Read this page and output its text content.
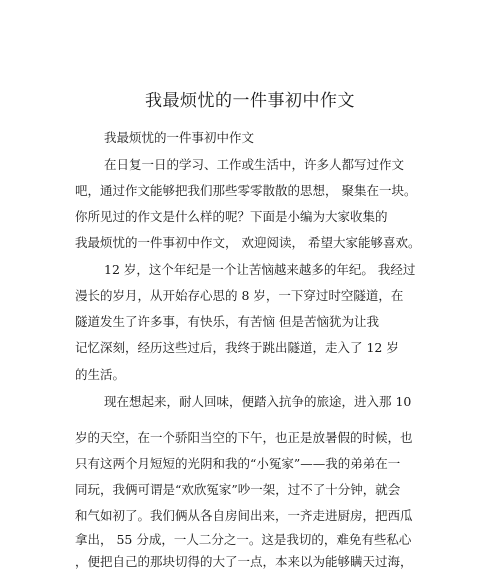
我最烦忧的一件事初中作文

我最烦忧的一件事初中作文

在日复一日的学习、工作或生活中，许多人都写过作文

吧，通过作文能够把我们那些零零散散的思想， 聚集在一块。

你所见过的作文是什么样的呢？下面是小编为大家收集的

我最烦忧的一件事初中作文， 欢迎阅读， 希望大家能够喜欢。

12 岁，这个年纪是一个让苦恼越来越多的年纪。 我经过

漫长的岁月，从开始存心思的 8 岁，一下穿过时空隧道，在

隧道发生了许多事，有快乐，有苦恼 但是苦恼犹为让我

记忆深刻，经历这些过后，我终于跳出隧道，走入了 12 岁

的生活。

现在想起来，耐人回味，便踏入抗争的旅途，进入那 10

岁的天空，在一个骄阳当空的下午，也正是放暑假的时候，也

只有这两个月短短的光阴和我的“小冤家”——我的弟弟在一

同玩，我俩可谓是“欢欣冤家”吵一架，过不了十分钟，就会

和气如初了。我们俩从各自房间出来，一齐走进厨房，把西瓜

拿出， 55 分成，一人二分之一。这是我切的，难免有些私心

，便把自己的那块切得的大了一点，本来以为能够瞒天过海，
